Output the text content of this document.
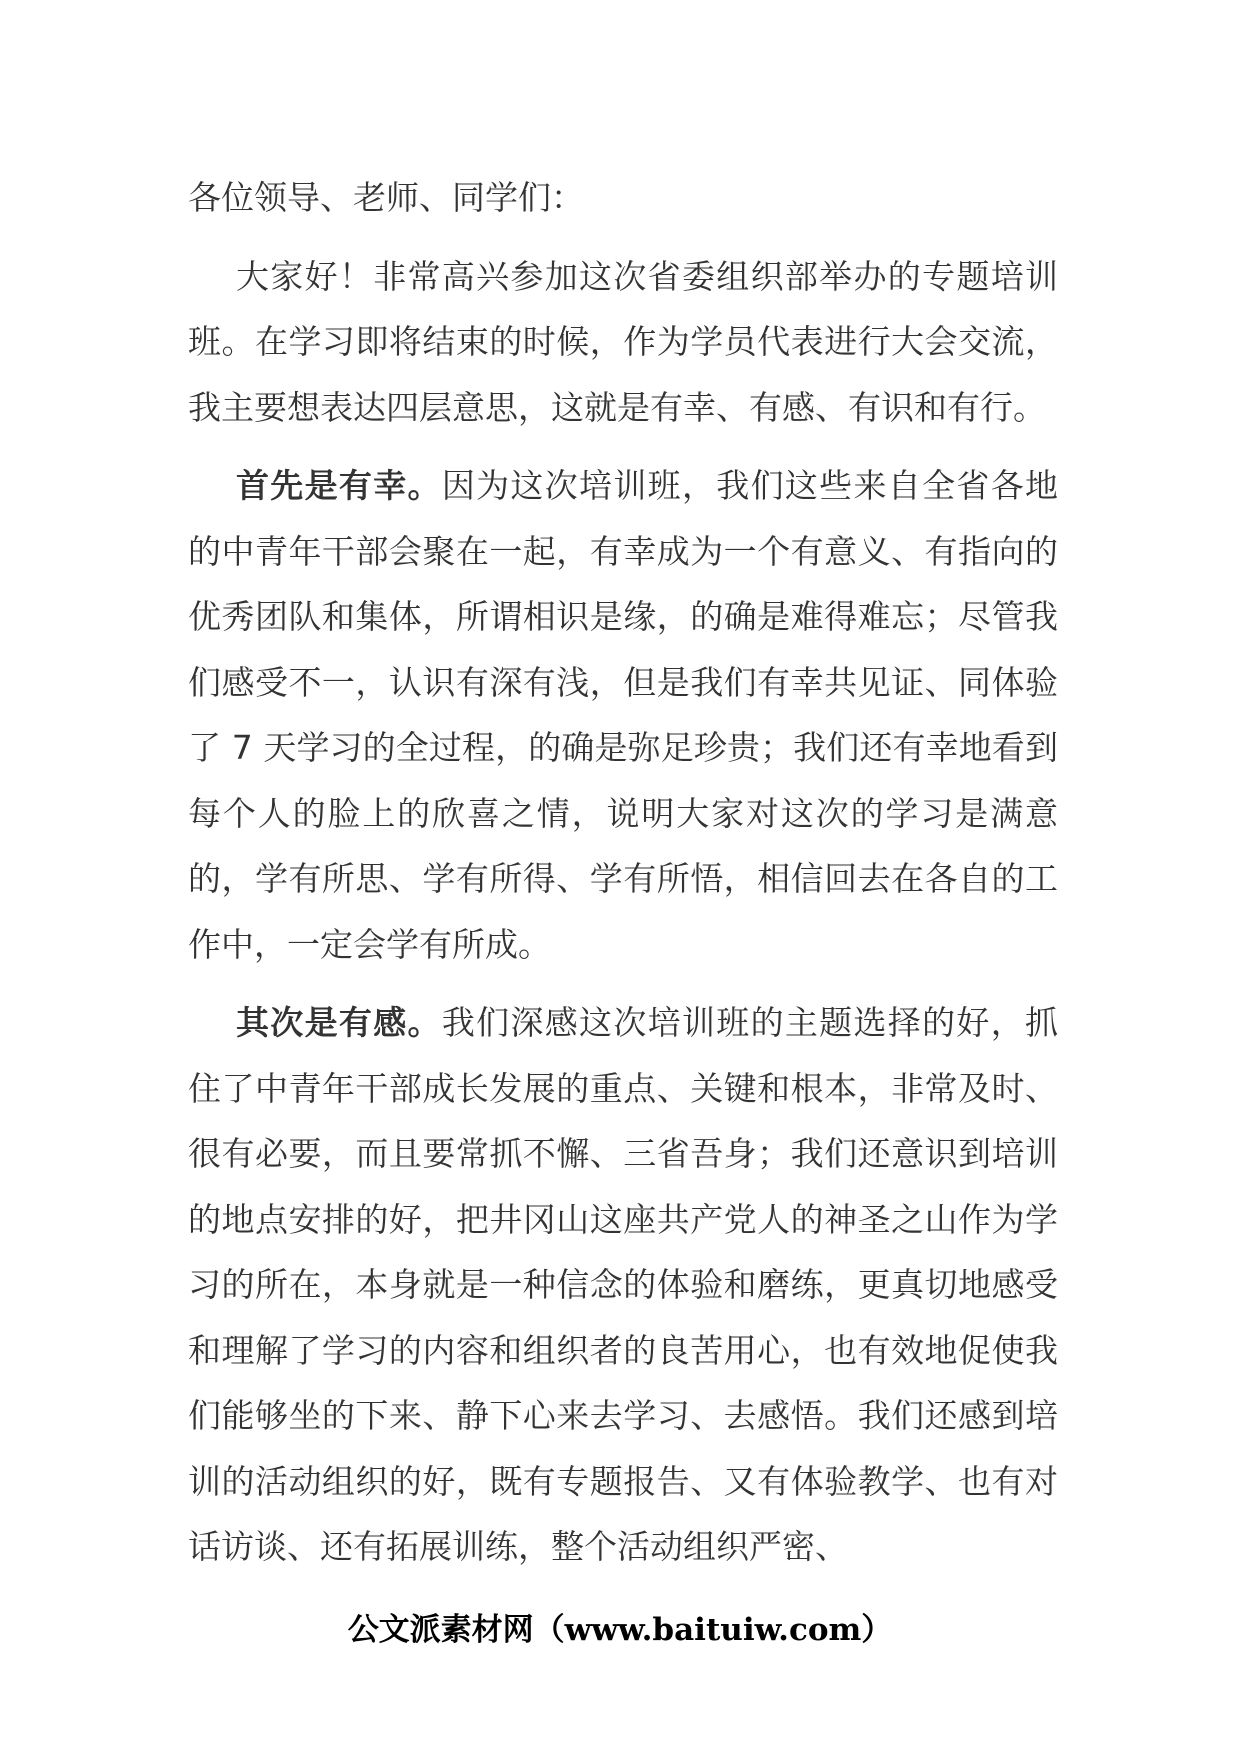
各位领导、老师、同学们：

大家好！非常高兴参加这次省委组织部举办的专题培训班。在学习即将结束的时候，作为学员代表进行大会交流，我主要想表达四层意思，这就是有幸、有感、有识和有行。

首先是有幸。因为这次培训班，我们这些来自全省各地的中青年干部会聚在一起，有幸成为一个有意义、有指向的优秀团队和集体，所谓相识是缘，的确是难得难忘；尽管我们感受不一，认识有深有浅，但是我们有幸共见证、同体验了 7 天学习的全过程，的确是弥足珍贵；我们还有幸地看到每个人的脸上的欣喜之情，说明大家对这次的学习是满意的，学有所思、学有所得、学有所悟，相信回去在各自的工作中，一定会学有所成。

其次是有感。我们深感这次培训班的主题选择的好，抓住了中青年干部成长发展的重点、关键和根本，非常及时、很有必要，而且要常抓不懈、三省吾身；我们还意识到培训的地点安排的好，把井冈山这座共产党人的神圣之山作为学习的所在，本身就是一种信念的体验和磨练，更真切地感受和理解了学习的内容和组织者的良苦用心，也有效地促使我们能够坐的下来、静下心来去学习、去感悟。我们还感到培训的活动组织的好，既有专题报告、又有体验教学、也有对话访谈、还有拓展训练，整个活动组织严密、

公文派素材网（www.baituiw.com）
